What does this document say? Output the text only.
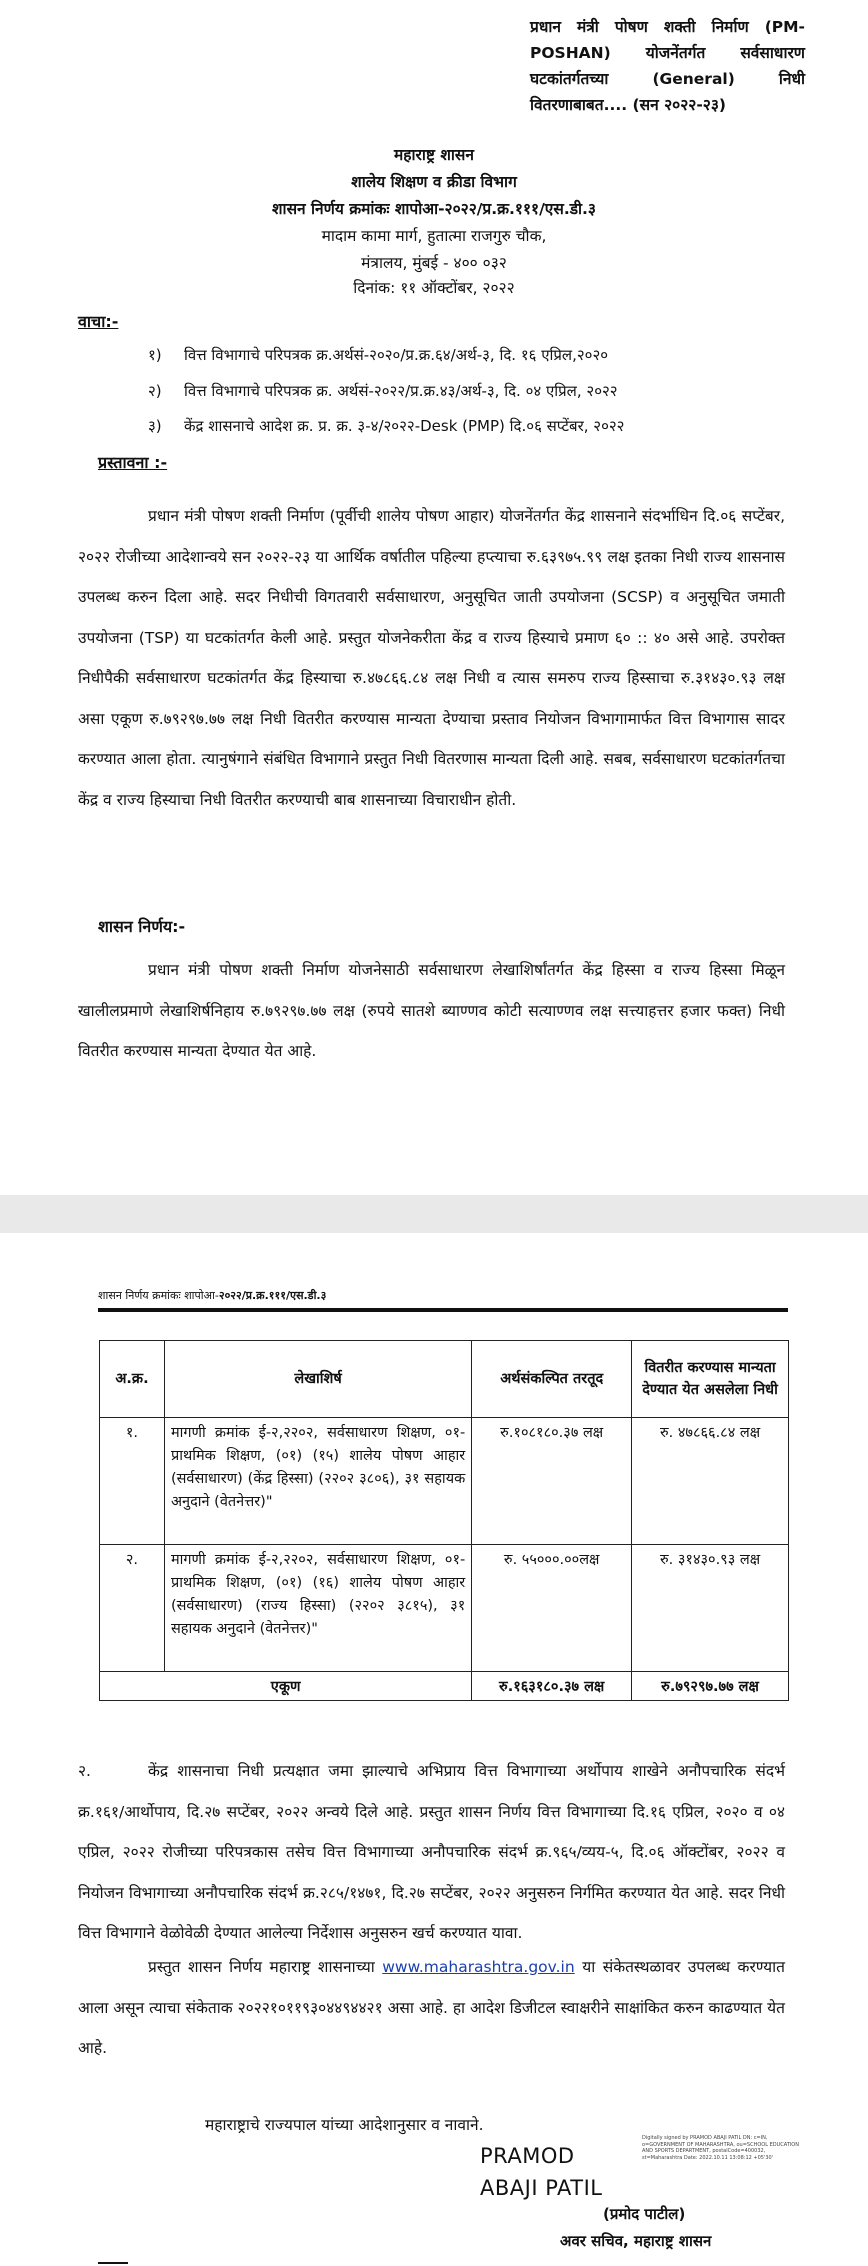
प्रधान मंत्री पोषण शक्ती निर्माण (PM-POSHAN) योजनेंतर्गत सर्वसाधारण घटकांतर्गतच्या (General) निधी वितरणाबाबत.... (सन २०२२-२३)
महाराष्ट्र शासन
शालेय शिक्षण व क्रीडा विभाग
शासन निर्णय क्रमांकः शापोआ-२०२२/प्र.क्र.१११/एस.डी.३
मादाम कामा मार्ग, हुतात्मा राजगुरु चौक,
मंत्रालय, मुंबई - ४०० ०३२
दिनांक: ११ ऑक्टोंबर, २०२२
वाचा:-
१) वित्त विभागाचे परिपत्रक क्र.अर्थसं-२०२०/प्र.क्र.६४/अर्थ-३, दि. १६ एप्रिल,२०२०
२) वित्त विभागाचे परिपत्रक क्र. अर्थसं-२०२२/प्र.क्र.४३/अर्थ-३, दि. ०४ एप्रिल, २०२२
३) केंद्र शासनाचे आदेश क्र. प्र. क्र. ३-४/२०२२-Desk (PMP) दि.०६ सप्टेंबर, २०२२
प्रस्तावना :-
प्रधान मंत्री पोषण शक्ती निर्माण (पूर्वीची शालेय पोषण आहार) योजनेंतर्गत केंद्र शासनाने संदर्भाधिन दि.०६ सप्टेंबर, २०२२ रोजीच्या आदेशान्वये सन २०२२-२३ या आर्थिक वर्षातील पहिल्या हप्त्याचा रु.६३९७५.९९ लक्ष इतका निधी राज्य शासनास उपलब्ध करुन दिला आहे. सदर निधीची विगतवारी सर्वसाधारण, अनुसूचित जाती उपयोजना (SCSP) व अनुसूचित जमाती उपयोजना (TSP) या घटकांतर्गत केली आहे. प्रस्तुत योजनेकरीता केंद्र व राज्य हिस्याचे प्रमाण ६० :: ४० असे आहे. उपरोक्त निधीपैकी सर्वसाधारण घटकांतर्गत केंद्र हिस्याचा रु.४७८६६.८४ लक्ष निधी व त्यास समरुप राज्य हिस्साचा रु.३१४३०.९३ लक्ष असा एकूण रु.७९२९७.७७ लक्ष निधी वितरीत करण्यास मान्यता देण्याचा प्रस्ताव नियोजन विभागामार्फत वित्त विभागास सादर करण्यात आला होता. त्यानुषंगाने संबंधित विभागाने प्रस्तुत निधी वितरणास मान्यता दिली आहे. सबब, सर्वसाधारण घटकांतर्गतचा केंद्र व राज्य हिस्याचा निधी वितरीत करण्याची बाब शासनाच्या विचाराधीन होती.
शासन निर्णय:-
प्रधान मंत्री पोषण शक्ती निर्माण योजनेसाठी सर्वसाधारण लेखाशिर्षांतर्गत केंद्र हिस्सा व राज्य हिस्सा मिळून खालीलप्रमाणे लेखाशिर्षनिहाय रु.७९२९७.७७ लक्ष (रुपये सातशे ब्याण्णव कोटी सत्याण्णव लक्ष सत्त्याहत्तर हजार फक्त) निधी वितरीत करण्यास मान्यता देण्यात येत आहे.
शासन निर्णय क्रमांकः शापोआ-२०२२/प्र.क्र.१११/एस.डी.३
अ.क्र.	लेखाशिर्ष	अर्थसंकल्पित तरतूद	वितरीत करण्यास मान्यता देण्यात येत असलेला निधी
१.	मागणी क्रमांक ई-२,२२०२, सर्वसाधारण शिक्षण, ०१- प्राथमिक शिक्षण, (०१) (१५) शालेय पोषण आहार (सर्वसाधारण) (केंद्र हिस्सा) (२२०२ ३८०६), ३१ सहायक अनुदाने (वेतनेत्तर)"	रु.१०८१८०.३७ लक्ष	रु. ४७८६६.८४ लक्ष
२.	मागणी क्रमांक ई-२,२२०२, सर्वसाधारण शिक्षण, ०१- प्राथमिक शिक्षण, (०१) (१६) शालेय पोषण आहार (सर्वसाधारण) (राज्य हिस्सा) (२२०२ ३८१५), ३१ सहायक अनुदाने (वेतनेत्तर)"	रु. ५५०००.००लक्ष	रु. ३१४३०.९३ लक्ष
एकूण		रु.१६३१८०.३७ लक्ष	रु.७९२९७.७७ लक्ष
२.	केंद्र शासनाचा निधी प्रत्यक्षात जमा झाल्याचे अभिप्राय वित्त विभागाच्या अर्थोपाय शाखेने अनौपचारिक संदर्भ क्र.१६१/आर्थोपाय, दि.२७ सप्टेंबर, २०२२ अन्वये दिले आहे. प्रस्तुत शासन निर्णय वित्त विभागाच्या दि.१६ एप्रिल, २०२० व ०४ एप्रिल, २०२२ रोजीच्या परिपत्रकास तसेच वित्त विभागाच्या अनौपचारिक संदर्भ क्र.९६५/व्यय-५, दि.०६ ऑक्टोंबर, २०२२ व नियोजन विभागाच्या अनौपचारिक संदर्भ क्र.२८५/१४७१, दि.२७ सप्टेंबर, २०२२ अनुसरुन निर्गमित करण्यात येत आहे. सदर निधी वित्त विभागाने वेळोवेळी देण्यात आलेल्या निर्देशास अनुसरुन खर्च करण्यात यावा.
प्रस्तुत शासन निर्णय महाराष्ट्र शासनाच्या www.maharashtra.gov.in या संकेतस्थळावर उपलब्ध करण्यात आला असून त्याचा संकेताक २०२२१०११९३०४४९४४२१ असा आहे. हा आदेश डिजीटल स्वाक्षरीने साक्षांकित करुन काढण्यात येत आहे.
महाराष्ट्राचे राज्यपाल यांच्या आदेशानुसार व नावाने.
PRAMOD
ABAJI PATIL
Digitally signed by PRAMOD ABAJI PATIL DN: c=IN, o=GOVERNMENT OF MAHARASHTRA, ou=SCHOOL EDUCATION AND SPORTS DEPARTMENT, postalCode=400032, st=Maharashtra Date: 2022.10.11 13:08:12 +05'30'
(प्रमोद पाटील)
अवर सचिव, महाराष्ट्र शासन
